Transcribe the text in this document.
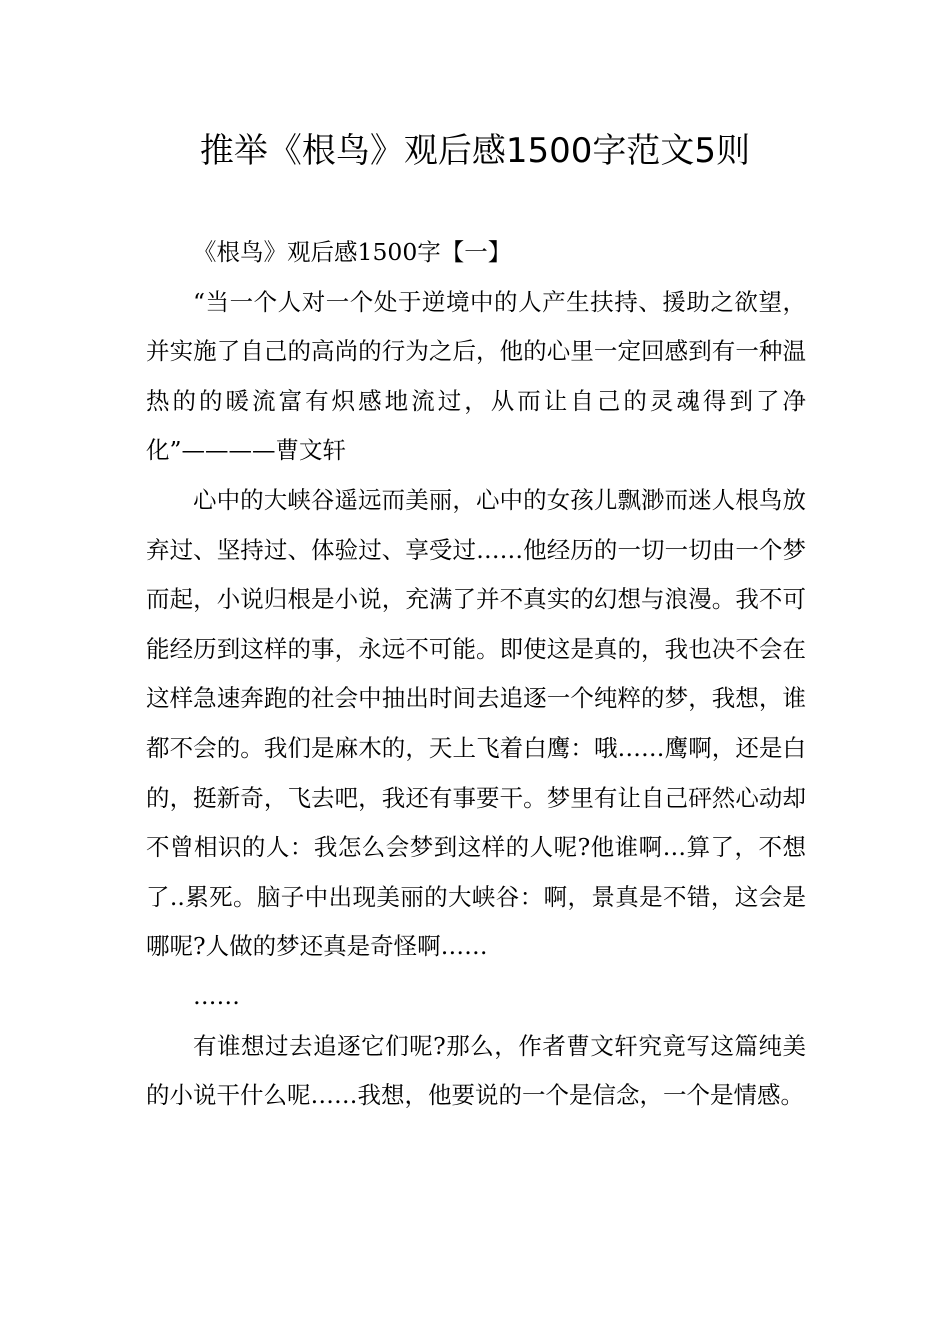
推举《根鸟》观后感1500字范文5则

《根鸟》观后感1500字【一】

“当一个人对一个处于逆境中的人产生扶持、援助之欲望，并实施了自己的高尚的行为之后，他的心里一定回感到有一种温热的的暖流富有炽感地流过，从而让自己的灵魂得到了净化”————曹文轩

心中的大峡谷遥远而美丽，心中的女孩儿飘渺而迷人根鸟放弃过、坚持过、体验过、享受过……他经历的一切一切由一个梦而起，小说归根是小说，充满了并不真实的幻想与浪漫。我不可能经历到这样的事，永远不可能。即使这是真的，我也决不会在这样急速奔跑的社会中抽出时间去追逐一个纯粹的梦，我想，谁都不会的。我们是麻木的，天上飞着白鹰：哦……鹰啊，还是白的，挺新奇，飞去吧，我还有事要干。梦里有让自己砰然心动却不曾相识的人：我怎么会梦到这样的人呢?他谁啊…算了，不想了..累死。脑子中出现美丽的大峡谷：啊，景真是不错，这会是哪呢?人做的梦还真是奇怪啊……

……

有谁想过去追逐它们呢?那么，作者曹文轩究竟写这篇纯美的小说干什么呢……我想，他要说的一个是信念，一个是情感。
